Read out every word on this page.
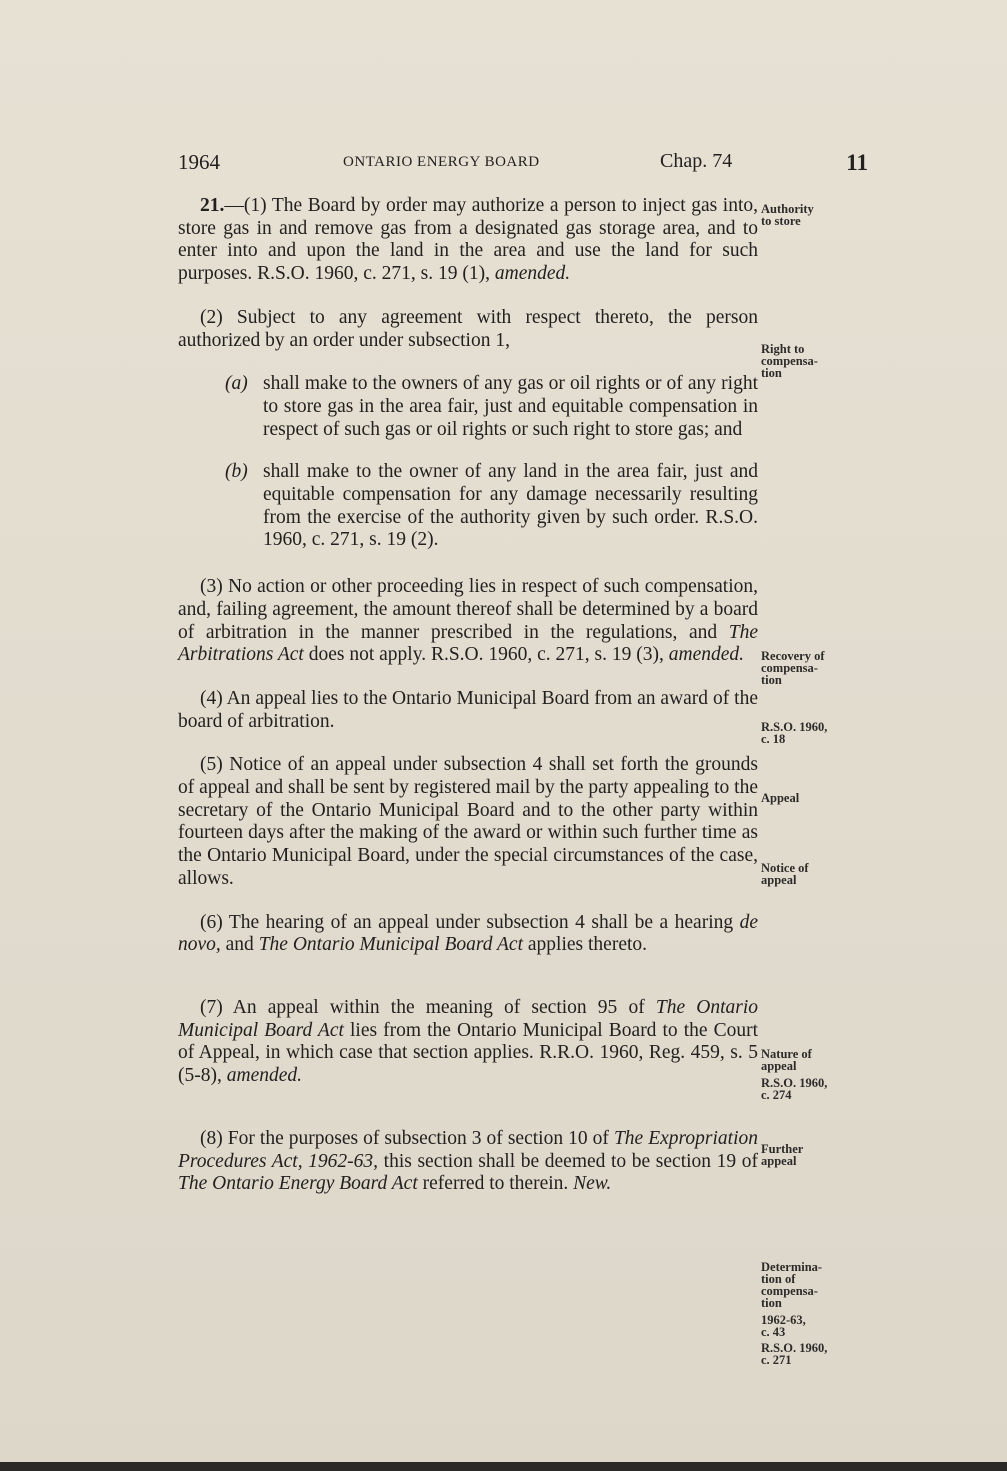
1964	ONTARIO ENERGY BOARD	Chap. 74	11

21.—(1) The Board by order may authorize a person to inject gas into, store gas in and remove gas from a designated gas storage area, and to enter into and upon the land in the area and use the land for such purposes. R.S.O. 1960, c. 271, s. 19 (1), amended.

(2) Subject to any agreement with respect thereto, the person authorized by an order under subsection 1,

(a) shall make to the owners of any gas or oil rights or of any right to store gas in the area fair, just and equitable compensation in respect of such gas or oil rights or such right to store gas; and
(b) shall make to the owner of any land in the area fair, just and equitable compensation for any damage necessarily resulting from the exercise of the authority given by such order. R.S.O. 1960, c. 271, s. 19 (2).

(3) No action or other proceeding lies in respect of such compensation, and, failing agreement, the amount thereof shall be determined by a board of arbitration in the manner prescribed in the regulations, and The Arbitrations Act does not apply. R.S.O. 1960, c. 271, s. 19 (3), amended.

(4) An appeal lies to the Ontario Municipal Board from an award of the board of arbitration.

(5) Notice of an appeal under subsection 4 shall set forth the grounds of appeal and shall be sent by registered mail by the party appealing to the secretary of the Ontario Municipal Board and to the other party within fourteen days after the making of the award or within such further time as the Ontario Municipal Board, under the special circumstances of the case, allows.

(6) The hearing of an appeal under subsection 4 shall be a hearing de novo, and The Ontario Municipal Board Act applies thereto.

(7) An appeal within the meaning of section 95 of The Ontario Municipal Board Act lies from the Ontario Municipal Board to the Court of Appeal, in which case that section applies. R.R.O. 1960, Reg. 459, s. 5 (5-8), amended.

(8) For the purposes of subsection 3 of section 10 of The Expropriation Procedures Act, 1962-63, this section shall be deemed to be section 19 of The Ontario Energy Board Act referred to therein. New.

Authority
to store
Right to
compensa-
tion
Recovery of
compensa-
tion
R.S.O. 1960,
c. 18
Appeal
Notice of
appeal
Nature of
appeal
R.S.O. 1960,
c. 274
Further
appeal
Determina-
tion of
compensa-
tion
1962-63,
c. 43
R.S.O. 1960,
c. 271
